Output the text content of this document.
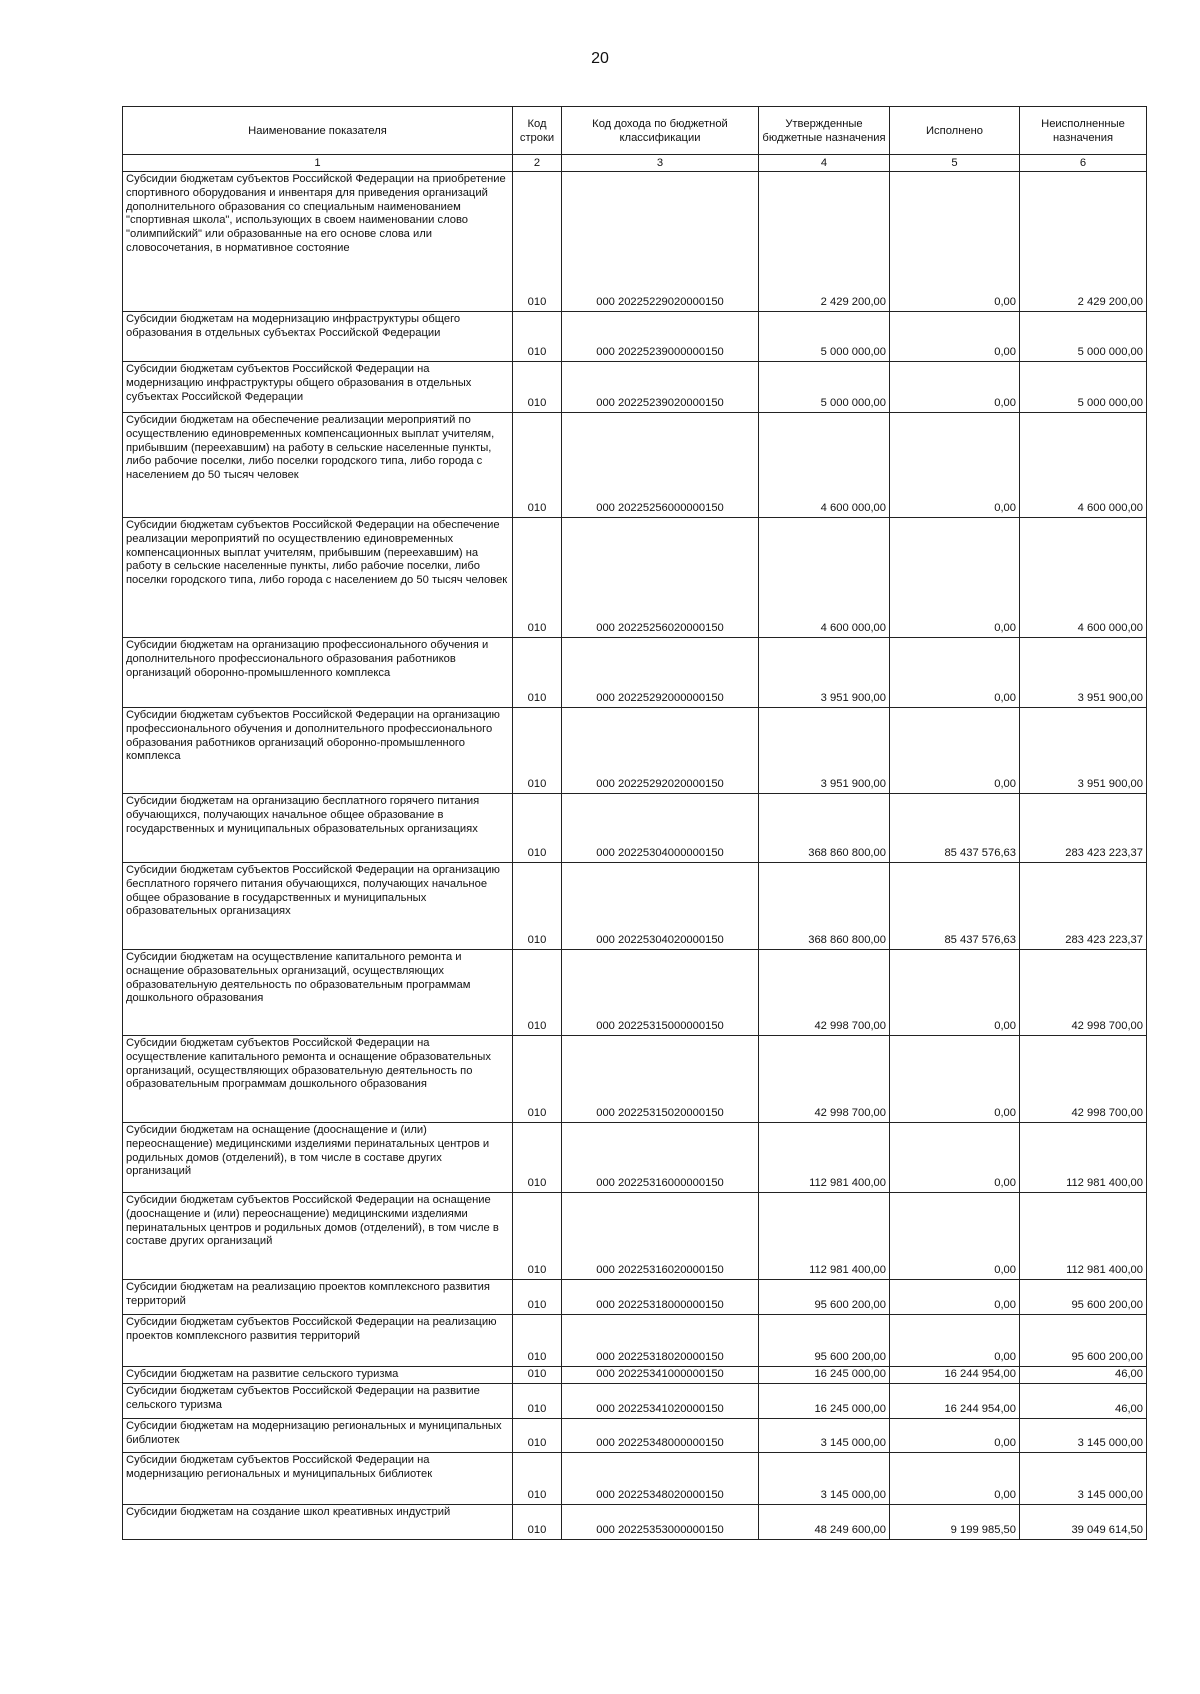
20
Наименование показателя	Код строки	Код дохода по бюджетной классификации	Утвержденные бюджетные назначения	Исполнено	Неисполненные назначения
1	2	3	4	5	6
Субсидии бюджетам субъектов Российской Федерации на приобретение спортивного оборудования и инвентаря для приведения организаций дополнительного образования со специальным наименованием "спортивная школа", использующих в своем наименовании слово "олимпийский" или образованные на его основе слова или словосочетания, в нормативное состояние	010	000 20225229020000150	2 429 200,00	0,00	2 429 200,00
Субсидии бюджетам на модернизацию инфраструктуры общего образования в отдельных субъектах Российской Федерации	010	000 20225239000000150	5 000 000,00	0,00	5 000 000,00
Субсидии бюджетам субъектов Российской Федерации на модернизацию инфраструктуры общего образования в отдельных субъектах Российской Федерации	010	000 20225239020000150	5 000 000,00	0,00	5 000 000,00
Субсидии бюджетам на обеспечение реализации мероприятий по осуществлению единовременных компенсационных выплат учителям, прибывшим (переехавшим) на работу в сельские населенные пункты, либо рабочие поселки, либо поселки городского типа, либо города с населением до 50 тысяч человек	010	000 20225256000000150	4 600 000,00	0,00	4 600 000,00
Субсидии бюджетам субъектов Российской Федерации на обеспечение реализации мероприятий по осуществлению единовременных компенсационных выплат учителям, прибывшим (переехавшим) на работу в сельские населенные пункты, либо рабочие поселки, либо поселки городского типа, либо города с населением до 50 тысяч человек	010	000 20225256020000150	4 600 000,00	0,00	4 600 000,00
Субсидии бюджетам на организацию профессионального обучения и дополнительного профессионального образования работников организаций оборонно-промышленного комплекса	010	000 20225292000000150	3 951 900,00	0,00	3 951 900,00
Субсидии бюджетам субъектов Российской Федерации на организацию профессионального обучения и дополнительного профессионального образования работников организаций оборонно-промышленного комплекса	010	000 20225292020000150	3 951 900,00	0,00	3 951 900,00
Субсидии бюджетам на организацию бесплатного горячего питания обучающихся, получающих начальное общее образование в государственных и муниципальных образовательных организациях	010	000 20225304000000150	368 860 800,00	85 437 576,63	283 423 223,37
Субсидии бюджетам субъектов Российской Федерации на организацию бесплатного горячего питания обучающихся, получающих начальное общее образование в государственных и муниципальных образовательных организациях	010	000 20225304020000150	368 860 800,00	85 437 576,63	283 423 223,37
Субсидии бюджетам на осуществление капитального ремонта и оснащение образовательных организаций, осуществляющих образовательную деятельность по образовательным программам дошкольного образования	010	000 20225315000000150	42 998 700,00	0,00	42 998 700,00
Субсидии бюджетам субъектов Российской Федерации на осуществление капитального ремонта и оснащение образовательных организаций, осуществляющих образовательную деятельность по образовательным программам дошкольного образования	010	000 20225315020000150	42 998 700,00	0,00	42 998 700,00
Субсидии бюджетам на оснащение (дооснащение и (или) переоснащение) медицинскими изделиями перинатальных центров и родильных домов (отделений), в том числе в составе других организаций	010	000 20225316000000150	112 981 400,00	0,00	112 981 400,00
Субсидии бюджетам субъектов Российской Федерации на оснащение (дооснащение и (или) переоснащение) медицинскими изделиями перинатальных центров и родильных домов (отделений), в том числе в составе других организаций	010	000 20225316020000150	112 981 400,00	0,00	112 981 400,00
Субсидии бюджетам на реализацию проектов комплексного развития территорий	010	000 20225318000000150	95 600 200,00	0,00	95 600 200,00
Субсидии бюджетам субъектов Российской Федерации на реализацию проектов комплексного развития территорий	010	000 20225318020000150	95 600 200,00	0,00	95 600 200,00
Субсидии бюджетам на развитие сельского туризма	010	000 20225341000000150	16 245 000,00	16 244 954,00	46,00
Субсидии бюджетам субъектов Российской Федерации на развитие сельского туризма	010	000 20225341020000150	16 245 000,00	16 244 954,00	46,00
Субсидии бюджетам на модернизацию региональных и муниципальных библиотек	010	000 20225348000000150	3 145 000,00	0,00	3 145 000,00
Субсидии бюджетам субъектов Российской Федерации на модернизацию региональных и муниципальных библиотек	010	000 20225348020000150	3 145 000,00	0,00	3 145 000,00
Субсидии бюджетам на создание школ креативных индустрий	010	000 20225353000000150	48 249 600,00	9 199 985,50	39 049 614,50
